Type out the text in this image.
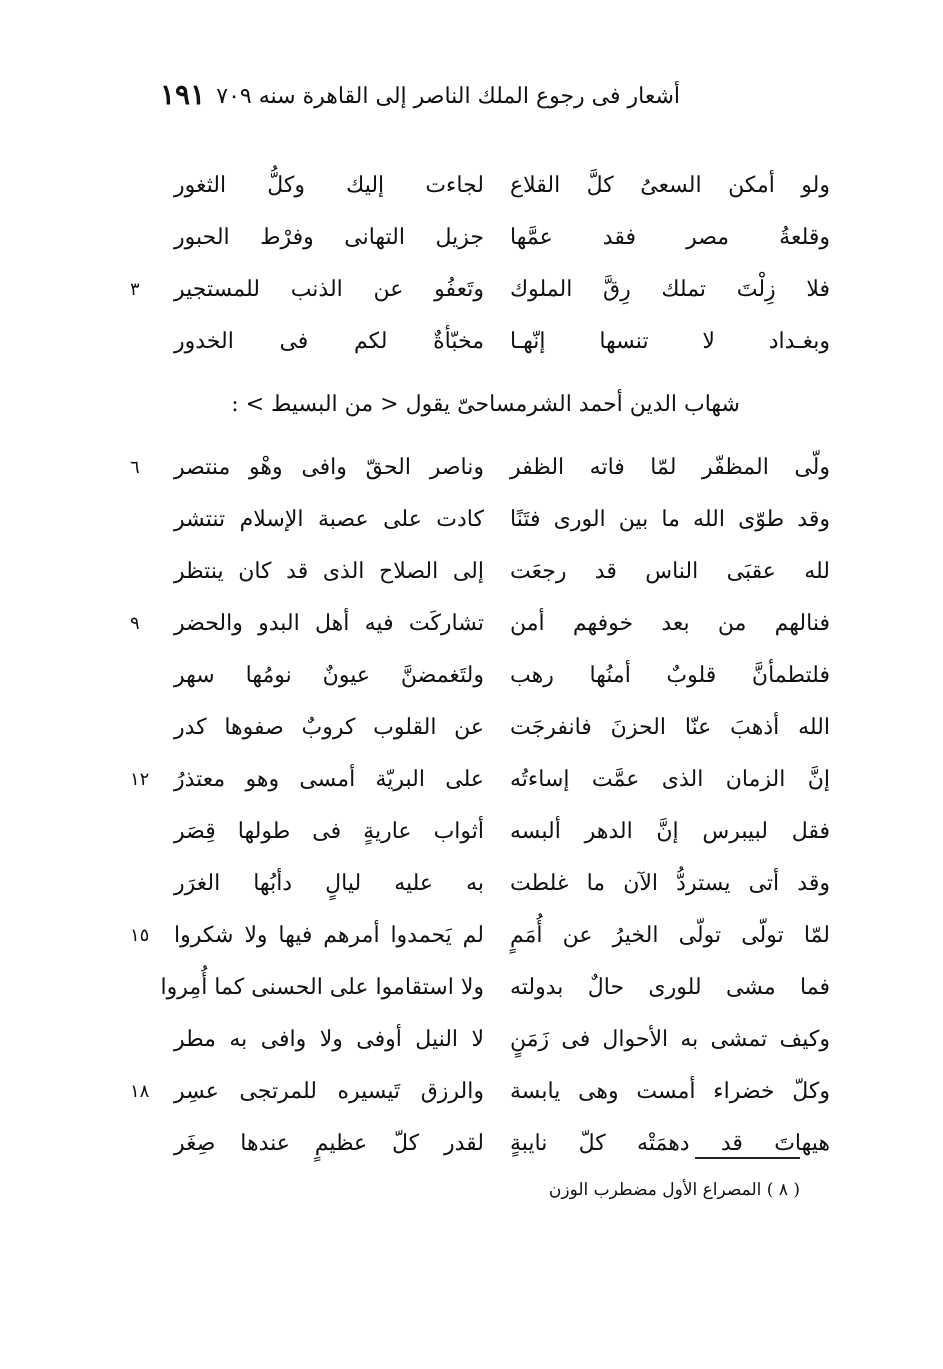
أشعار فى رجوع الملك الناصر إلى القاهرة سنه ٧٠٩
١٩١
ولو أمكن السعىُ كلَّ القلاع
لجاءت إليك وكلُّ الثغور
وقلعةُ مصر فقد عمَّها
جزيل التهانى وفرْط الحبور
فلا زِلْتَ تملك رِقَّ الملوك
وتَعفُو عن الذنب للمستجير
٣
وبغـداد لا تنسها إنّهـا
مخبّأةٌ لكم فى الخدور
شهاب الدين أحمد الشرمساحىّ يقول < من البسيط > :
ولّى المظفّر لمّا فاته الظفر
وناصر الحقّ وافى وهْو منتصر
٦
وقد طوّى الله ما بين الورى فتَنًا
كادت على عصبة الإسلام تنتشر
لله عقبَى الناس قد رجعَت
إلى الصلاح الذى قد كان ينتظر
فنالهم من بعد خوفهم أمن
تشاركَت فيه أهل البدو والحضر
٩
فلتطمأنَّ قلوبٌ أمنُها رهب
ولتَغمضنَّ عيونٌ نومُها سهر
الله أذهبَ عنّا الحزنَ فانفرجَت
عن القلوب كروبٌ صفوها كدر
إنَّ الزمان الذى عمَّت إساءتُه
على البريّة أمسى وهو معتذرُ
١٢
فقل لبيبرس إنَّ الدهر ألبسه
أثواب عاريةٍ فى طولها قِصَر
وقد أتى يستردُّ الآن ما غلطت
به عليه ليالٍ دأبُها الغرَر
لمّا تولّى تولّى الخيرُ عن أُمَمٍ
لم يَحمدوا أمرهم فيها ولا شكروا
١٥
فما مشى للورى حالٌ بدولته
ولا استقاموا على الحسنى كما أُمِروا
وكيف تمشى به الأحوال فى زَمَنٍ
لا النيل أوفى ولا وافى به مطر
وكلّ خضراء أمست وهى يابسة
والرزق تَيسيره للمرتجى عسِر
١٨
هيهاتَ قد دهمَتْه كلّ نايبةٍ
لقدر كلّ عظيمٍ عندها صِغَر
( ٨ ) المصراع الأول مضطرب الوزن
